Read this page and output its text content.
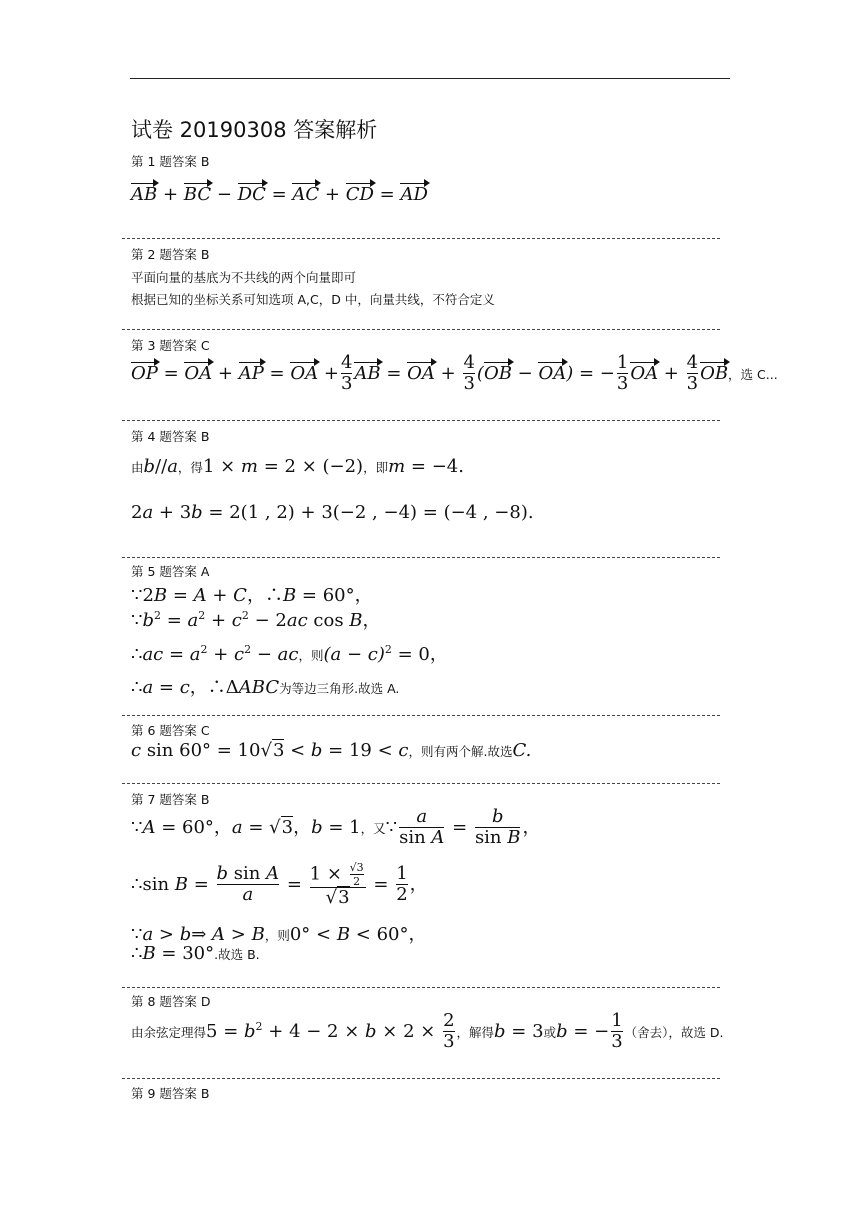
试卷 20190308 答案解析
第 1 题答案 B
AB + BC − DC = AC + CD = AD
第 2 题答案 B
平面向量的基底为不共线的两个向量即可
根据已知的坐标关系可知选项 A,C，D 中，向量共线，不符合定义
第 3 题答案 C
OP = OA + AP = OA + $\frac{4}{3}$ AB = OA + $\frac{4}{3} (OB - OA)$ = − $\frac{1}{3}$ OA + $\frac{4}{3}$ OB，选 C...
第 4 题答案 B
由b//a，得1 × m = 2 × (−2)，即m = −4.
2a + 3b = 2(1 , 2) + 3(−2 , −4) = (−4 , −8).
第 5 题答案 A
∵2B = A + C，∴B = 60°，
$\because b^2 = a^2 + c^2 - 2ac$ cos B，
∴ac = $a^2 + c^2$ − ac，则$(a - c)^2 = 0$，
∴a = c，∴ΔABC为等边三角形.故选 A.
第 6 题答案 C
c sin 60° = 10√3 < b = 19 < c，则有两个解.故选C.
第 7 题答案 B
∵A = 60°，a = √3，b = 1，又∵ $\frac{a}{\text{sin A}} = \frac{b}{\text{sin B}}$ ，
∴sin $B = \frac{\text{b sin A}}{a} = \frac{1 \times \frac{√3}{2}}{√3} = \frac{1}{2}$ ，
∵a > b⇒ A > B，则0° < B < 60°，
∴B = 30°.故选 B.
第 8 题答案 D
由余弦定理得$5 = b^2 + 4 - 2 \times b \times 2 \times \frac{2}{3}$ ，解得b = 3或b = − $\frac{1}{3}$ （舍去），故选 D.
第 9 题答案 B
